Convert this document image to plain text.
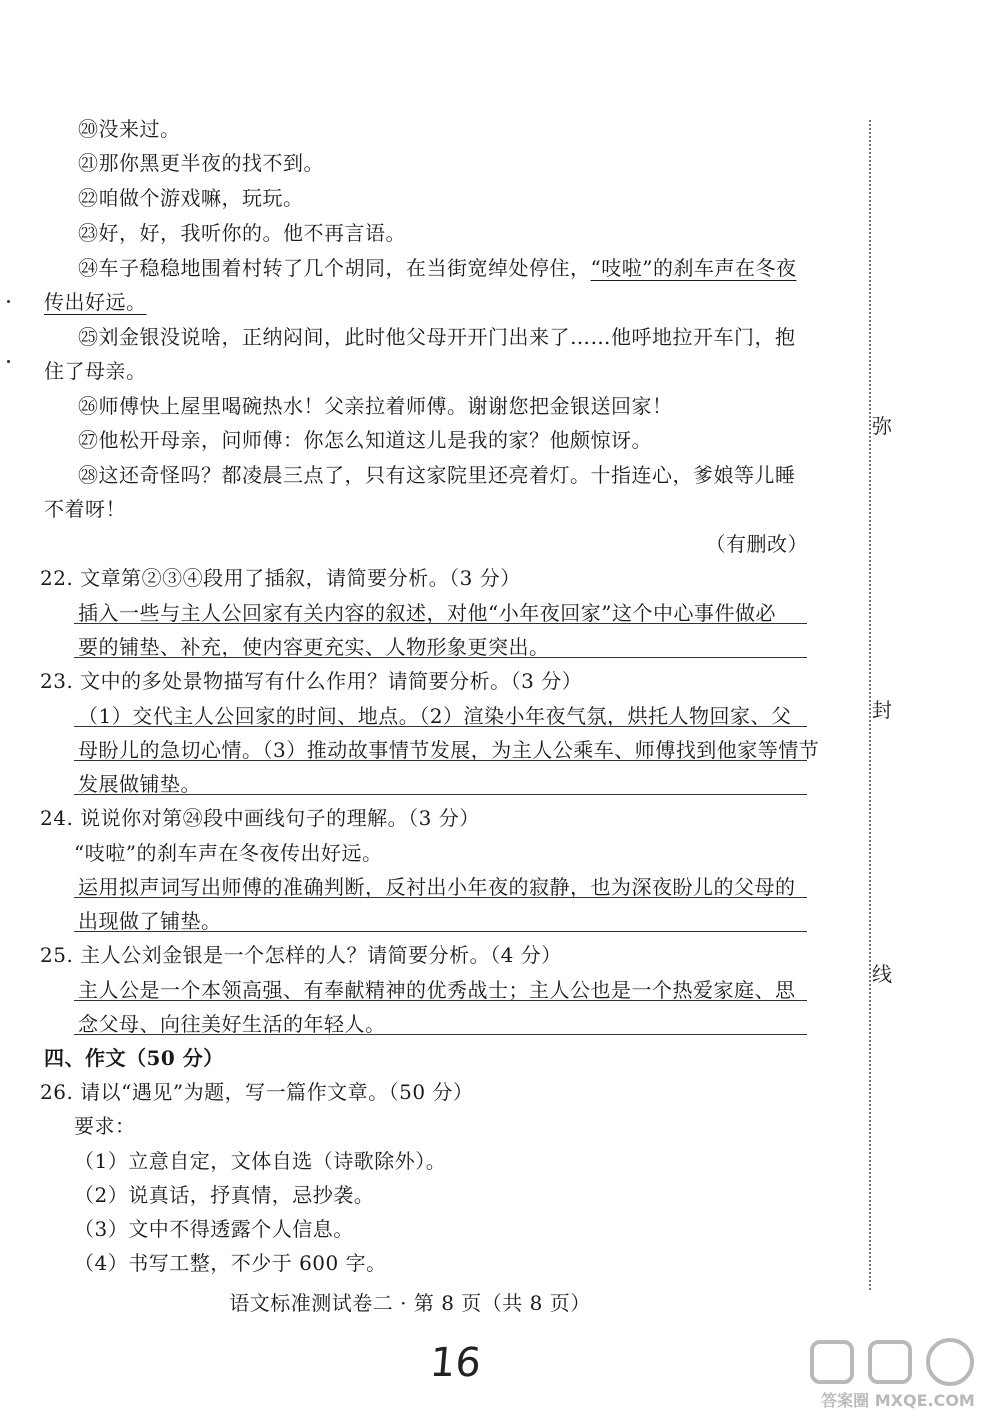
⑳没来过。
㉑那你黑更半夜的找不到。
㉒咱做个游戏嘛，玩玩。
㉓好，好，我听你的。他不再言语。
㉔车子稳稳地围着村转了几个胡同，在当街宽绰处停住，“吱啦”的刹车声在冬夜
传出好远。
㉕刘金银没说啥，正纳闷间，此时他父母开开门出来了……他呼地拉开车门，抱
住了母亲。
㉖师傅快上屋里喝碗热水！父亲拉着师傅。谢谢您把金银送回家！
㉗他松开母亲，问师傅：你怎么知道这儿是我的家？他颇惊讶。
㉘这还奇怪吗？都凌晨三点了，只有这家院里还亮着灯。十指连心，爹娘等儿睡
不着呀！
（有删改）
22. 文章第②③④段用了插叙，请简要分析。（3 分）
插入一些与主人公回家有关内容的叙述，对他“小年夜回家”这个中心事件做必
要的铺垫、补充，使内容更充实、人物形象更突出。
23. 文中的多处景物描写有什么作用？请简要分析。（3 分）
（1）交代主人公回家的时间、地点。（2）渲染小年夜气氛，烘托人物回家、父
母盼儿的急切心情。（3）推动故事情节发展，为主人公乘车、师傅找到他家等情节
发展做铺垫。
24. 说说你对第㉔段中画线句子的理解。（3 分）
“吱啦”的刹车声在冬夜传出好远。
运用拟声词写出师傅的准确判断，反衬出小年夜的寂静，也为深夜盼儿的父母的
出现做了铺垫。
25. 主人公刘金银是一个怎样的人？请简要分析。（4 分）
主人公是一个本领高强、有奉献精神的优秀战士；主人公也是一个热爱家庭、思
念父母、向往美好生活的年轻人。
四、作文（50 分）
26. 请以“遇见”为题，写一篇作文章。（50 分）
要求：
（1）立意自定，文体自选（诗歌除外）。
（2）说真话，抒真情，忌抄袭。
（3）文中不得透露个人信息。
（4）书写工整，不少于 600 字。
弥
封
线
语文标准测试卷二 · 第 8 页（共 8 页）
16
答案圈 MXQE.COM
